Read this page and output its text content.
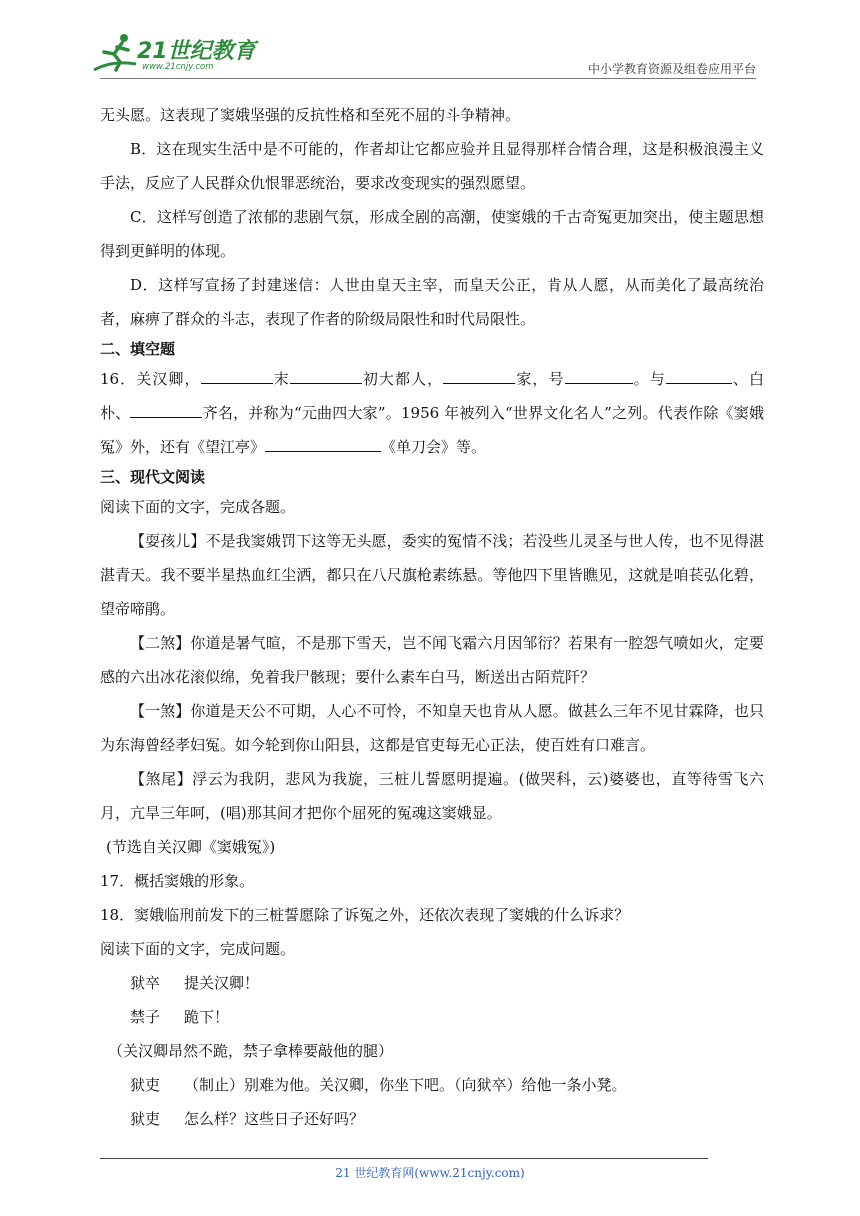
21世纪教育
www.21cnjy.com	中小学教育资源及组卷应用平台

无头愿。这表现了窦娥坚强的反抗性格和至死不屈的斗争精神。

B．这在现实生活中是不可能的，作者却让它都应验并且显得那样合情合理，这是积极浪漫主义手法，反应了人民群众仇恨罪恶统治，要求改变现实的强烈愿望。

C．这样写创造了浓郁的悲剧气氛，形成全剧的高潮，使窦娥的千古奇冤更加突出，使主题思想得到更鲜明的体现。

D．这样写宣扬了封建迷信：人世由皇天主宰，而皇天公正，肯从人愿，从而美化了最高统治者，麻痹了群众的斗志，表现了作者的阶级局限性和时代局限性。

二、填空题

16．关汉卿，	末	初大都人，	家，号	。与	、白朴、	齐名，并称为“元曲四大家”。1956 年被列入“世界文化名人”之列。代表作除《窦娥冤》外，还有《望江亭》	《单刀会》等。

三、现代文阅读

阅读下面的文字，完成各题。

【耍孩儿】不是我窦娥罚下这等无头愿，委实的冤情不浅；若没些儿灵圣与世人传，也不见得湛湛青天。我不要半星热血红尘洒，都只在八尺旗枪素练悬。等他四下里皆瞧见，这就是咱苌弘化碧，望帝啼鹃。

【二煞】你道是暑气暄，不是那下雪天，岂不闻飞霜六月因邹衍？若果有一腔怨气喷如火，定要感的六出冰花滚似绵，免着我尸骸现；要什么素车白马，断送出古陌荒阡？

【一煞】你道是天公不可期，人心不可怜，不知皇天也肯从人愿。做甚么三年不见甘霖降，也只为东海曾经孝妇冤。如今轮到你山阳县，这都是官吏每无心正法，使百姓有口难言。

【煞尾】浮云为我阴，悲风为我旋，三桩儿誓愿明提遍。(做哭科，云)婆婆也，直等待雪飞六月，亢旱三年呵，(唱)那其间才把你个屈死的冤魂这窦娥显。

(节选自关汉卿《窦娥冤》)

17．概括窦娥的形象。

18．窦娥临刑前发下的三桩誓愿除了诉冤之外，还依次表现了窦娥的什么诉求？

阅读下面的文字，完成问题。

狱卒 提关汉卿！

禁子 跪下！

（关汉卿昂然不跪，禁子拿棒要敲他的腿）

狱吏 （制止）别难为他。关汉卿，你坐下吧。（向狱卒）给他一条小凳。

狱吏 怎么样？这些日子还好吗？

21 世纪教育网(www.21cnjy.com)
